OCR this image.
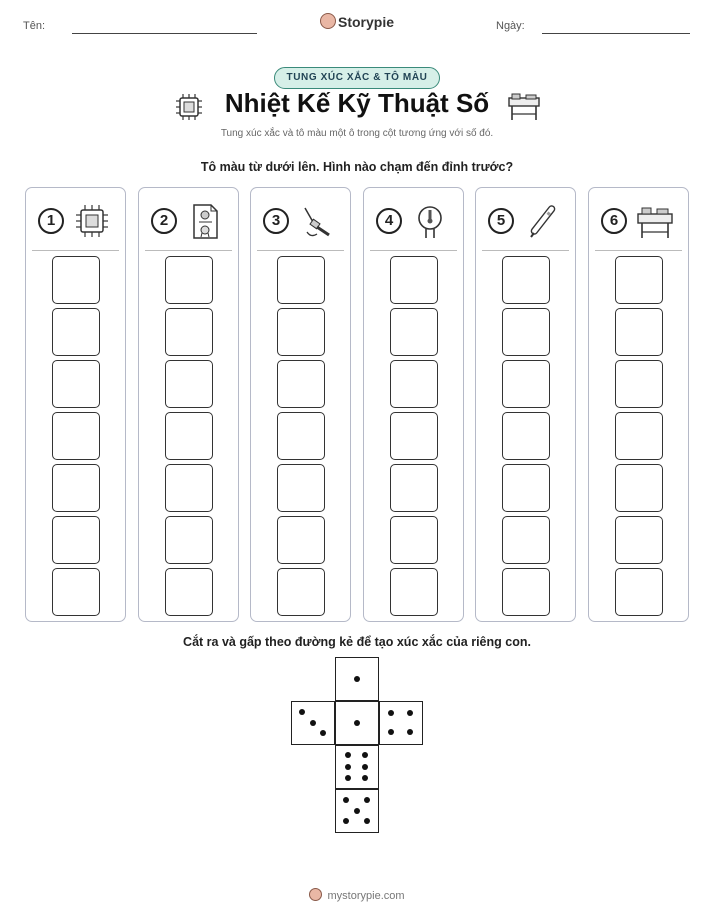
Tên:	Storypie	Ngày:
TUNG XÚC XẮC & TÔ MÀU
Nhiệt Kế Kỹ Thuật Số
Tung xúc xắc và tô màu một ô trong cột tương ứng với số đó.
Tô màu từ dưới lên. Hình nào chạm đến đỉnh trước?
1	2	3	4	5	6
Cắt ra và gấp theo đường kẻ để tạo xúc xắc của riêng con.
mystorypie.com
